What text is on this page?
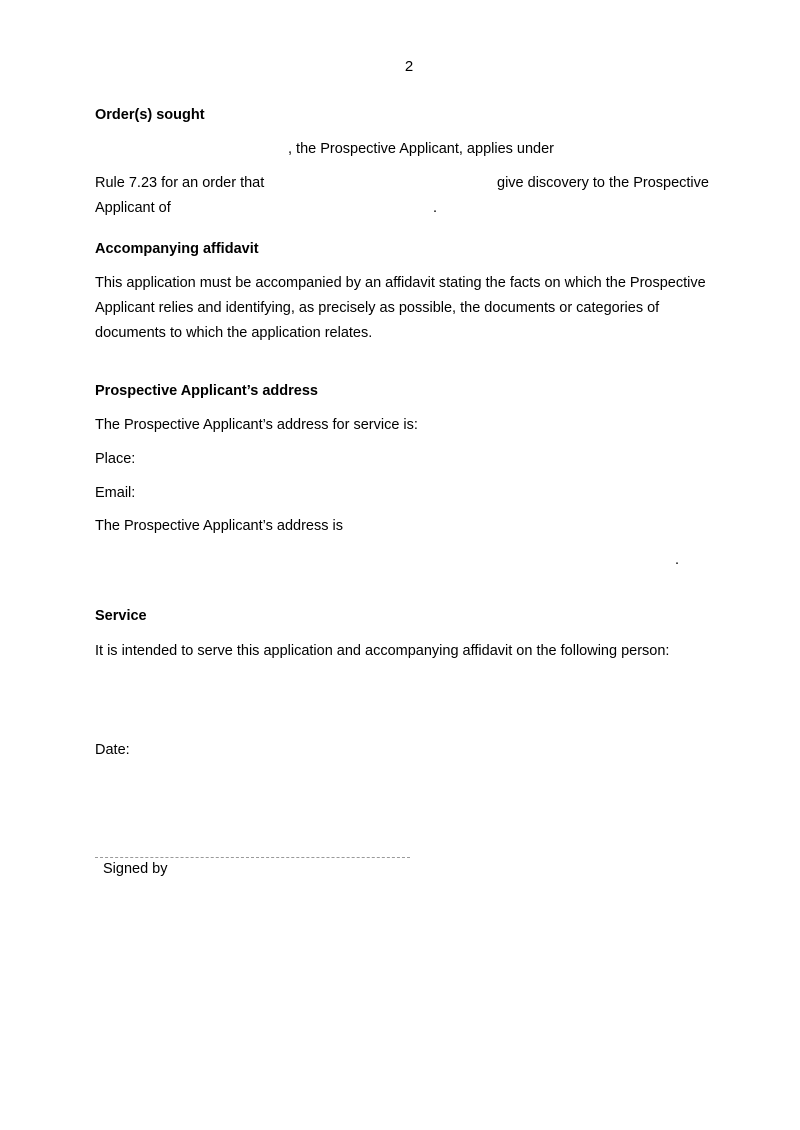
2
Order(s) sought
, the Prospective Applicant, applies under
Rule 7.23 for an order that	give discovery to the Prospective
Applicant of	.
Accompanying affidavit
This application must be accompanied by an affidavit stating the facts on which the Prospective
Applicant relies and identifying, as precisely as possible, the documents or categories of
documents to which the application relates.
Prospective Applicant’s address
The Prospective Applicant’s address for service is:
Place:
Email:
The Prospective Applicant’s address is
.
Service
It is intended to serve this application and accompanying affidavit on the following person:
Date:
Signed by
